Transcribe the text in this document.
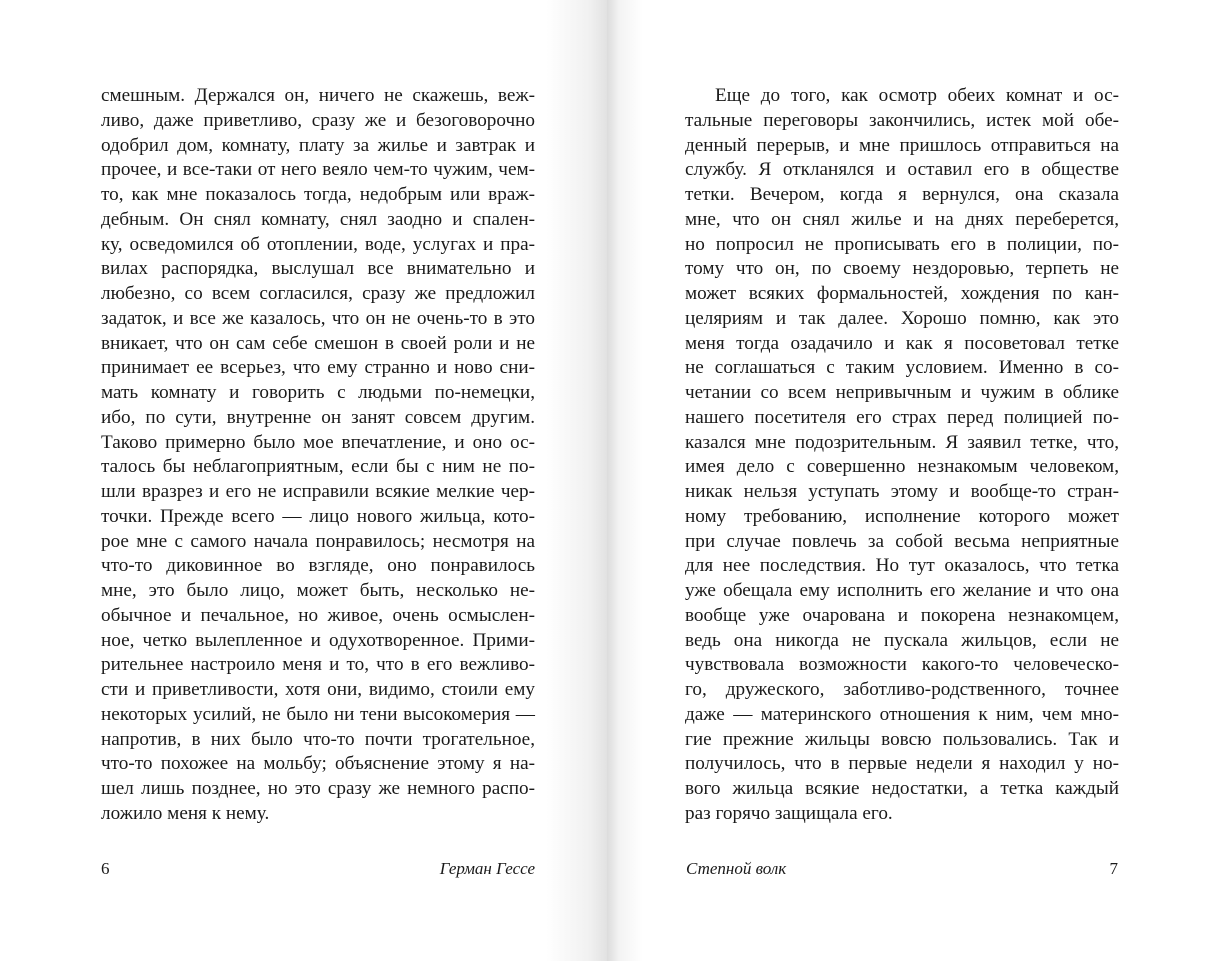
смешным. Держался он, ничего не скажешь, веж-
ливо, даже приветливо, сразу же и безоговорочно
одобрил дом, комнату, плату за жилье и завтрак и
прочее, и все-таки от него веяло чем-то чужим, чем-
то, как мне показалось тогда, недобрым или враж-
дебным. Он снял комнату, снял заодно и спален-
ку, осведомился об отоплении, воде, услугах и пра-
вилах распорядка, выслушал все внимательно и
любезно, со всем согласился, сразу же предложил
задаток, и все же казалось, что он не очень-то в это
вникает, что он сам себе смешон в своей роли и не
принимает ее всерьез, что ему странно и ново сни-
мать комнату и говорить с людьми по-немецки,
ибо, по сути, внутренне он занят совсем другим.
Таково примерно было мое впечатление, и оно ос-
талось бы неблагоприятным, если бы с ним не по-
шли вразрез и его не исправили всякие мелкие чер-
точки. Прежде всего — лицо нового жильца, кото-
рое мне с самого начала понравилось; несмотря на
что-то диковинное во взгляде, оно понравилось
мне, это было лицо, может быть, несколько не-
обычное и печальное, но живое, очень осмыслен-
ное, четко вылепленное и одухотворенное. Прими-
рительнее настроило меня и то, что в его вежливо-
сти и приветливости, хотя они, видимо, стоили ему
некоторых усилий, не было ни тени высокомерия —
напротив, в них было что-то почти трогательное,
что-то похожее на мольбу; объяснение этому я на-
шел лишь позднее, но это сразу же немного распо-
ложило меня к нему.
6	Герман Гессе
Еще до того, как осмотр обеих комнат и ос-
тальные переговоры закончились, истек мой обе-
денный перерыв, и мне пришлось отправиться на
службу. Я откланялся и оставил его в обществе
тетки. Вечером, когда я вернулся, она сказала
мне, что он снял жилье и на днях переберется,
но попросил не прописывать его в полиции, по-
тому что он, по своему нездоровью, терпеть не
может всяких формальностей, хождения по кан-
целяриям и так далее. Хорошо помню, как это
меня тогда озадачило и как я посоветовал тетке
не соглашаться с таким условием. Именно в со-
четании со всем непривычным и чужим в облике
нашего посетителя его страх перед полицией по-
казался мне подозрительным. Я заявил тетке, что,
имея дело с совершенно незнакомым человеком,
никак нельзя уступать этому и вообще-то стран-
ному требованию, исполнение которого может
при случае повлечь за собой весьма неприятные
для нее последствия. Но тут оказалось, что тетка
уже обещала ему исполнить его желание и что она
вообще уже очарована и покорена незнакомцем,
ведь она никогда не пускала жильцов, если не
чувствовала возможности какого-то человеческо-
го, дружеского, заботливо-родственного, точнее
даже — материнского отношения к ним, чем мно-
гие прежние жильцы вовсю пользовались. Так и
получилось, что в первые недели я находил у но-
вого жильца всякие недостатки, а тетка каждый
раз горячо защищала его.
Степной волк	7
